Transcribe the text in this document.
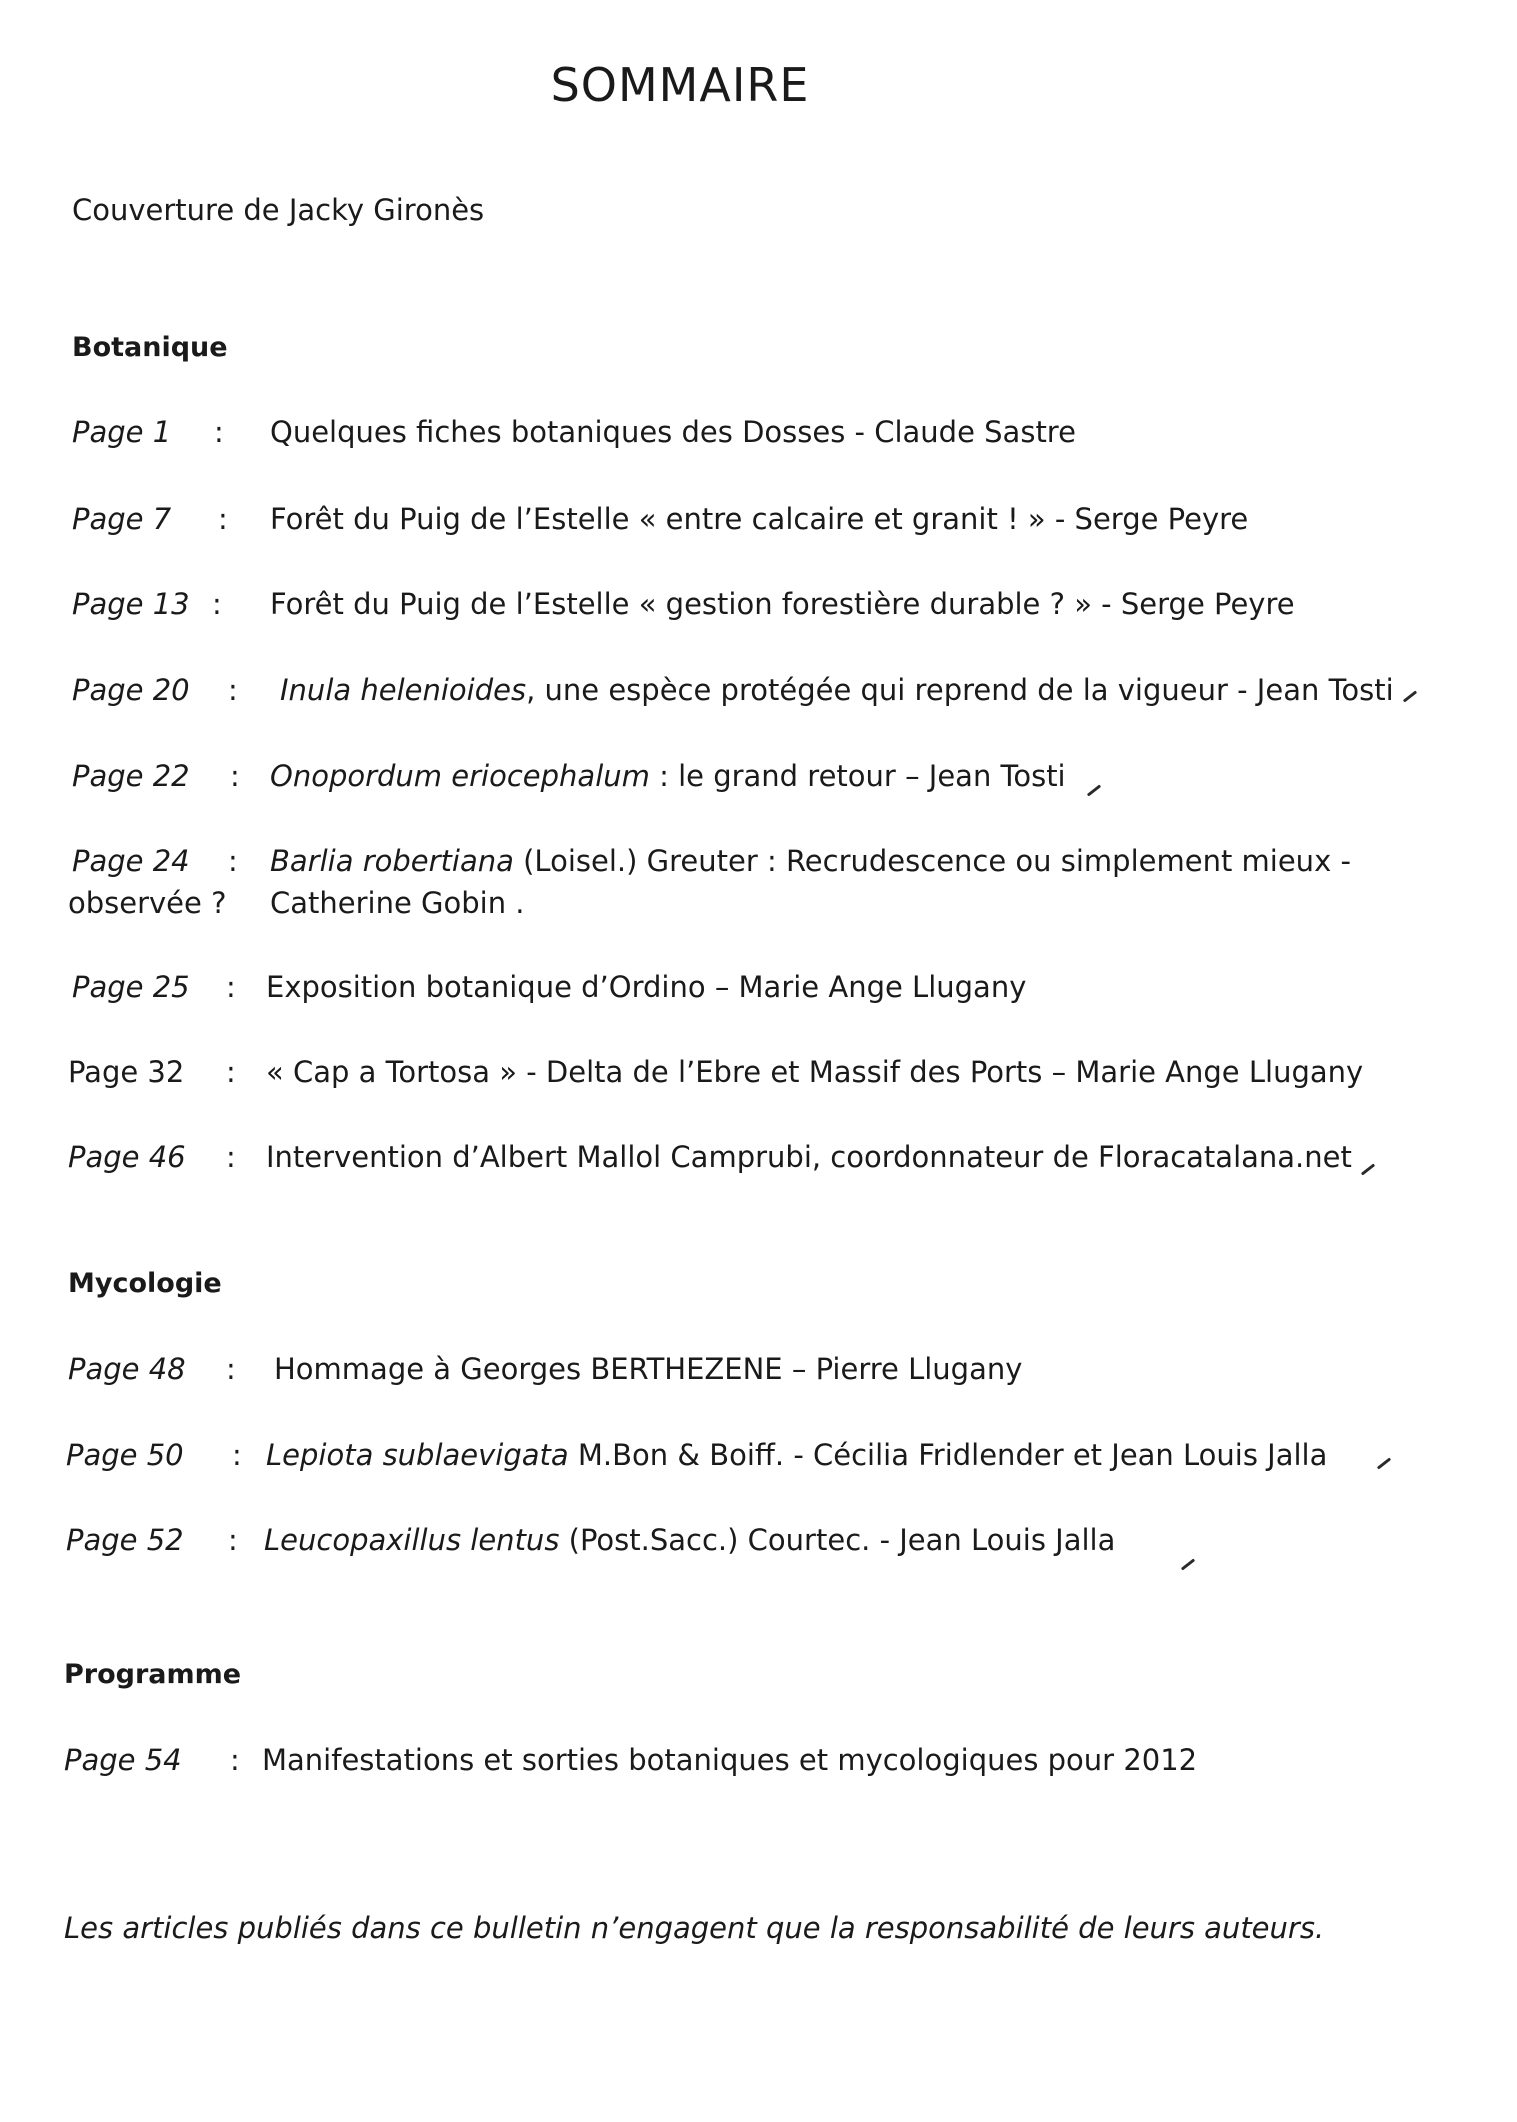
SOMMAIRE
Couverture de Jacky Gironès
Botanique
Page 1 : Quelques fiches botaniques des Dosses - Claude Sastre
Page 7 : Forêt du Puig de l’Estelle « entre calcaire et granit ! » - Serge Peyre
Page 13 : Forêt du Puig de l’Estelle « gestion forestière durable ? » - Serge Peyre
Page 20 : Inula helenioides, une espèce protégée qui reprend de la vigueur - Jean Tosti
Page 22 : Onopordum eriocephalum : le grand retour – Jean Tosti
Page 24 : Barlia robertiana (Loisel.) Greuter : Recrudescence ou simplement mieux -
observée ? Catherine Gobin .
Page 25 : Exposition botanique d’Ordino – Marie Ange Llugany
Page 32 : « Cap a Tortosa » - Delta de l’Ebre et Massif des Ports – Marie Ange Llugany
Page 46 : Intervention d’Albert Mallol Camprubi, coordonnateur de Floracatalana.net
Mycologie
Page 48 : Hommage à Georges BERTHEZENE – Pierre Llugany
Page 50 : Lepiota sublaevigata M.Bon & Boiff. - Cécilia Fridlender et Jean Louis Jalla
Page 52 : Leucopaxillus lentus (Post.Sacc.) Courtec. - Jean Louis Jalla
Programme
Page 54 : Manifestations et sorties botaniques et mycologiques pour 2012
Les articles publiés dans ce bulletin n’engagent que la responsabilité de leurs auteurs.
